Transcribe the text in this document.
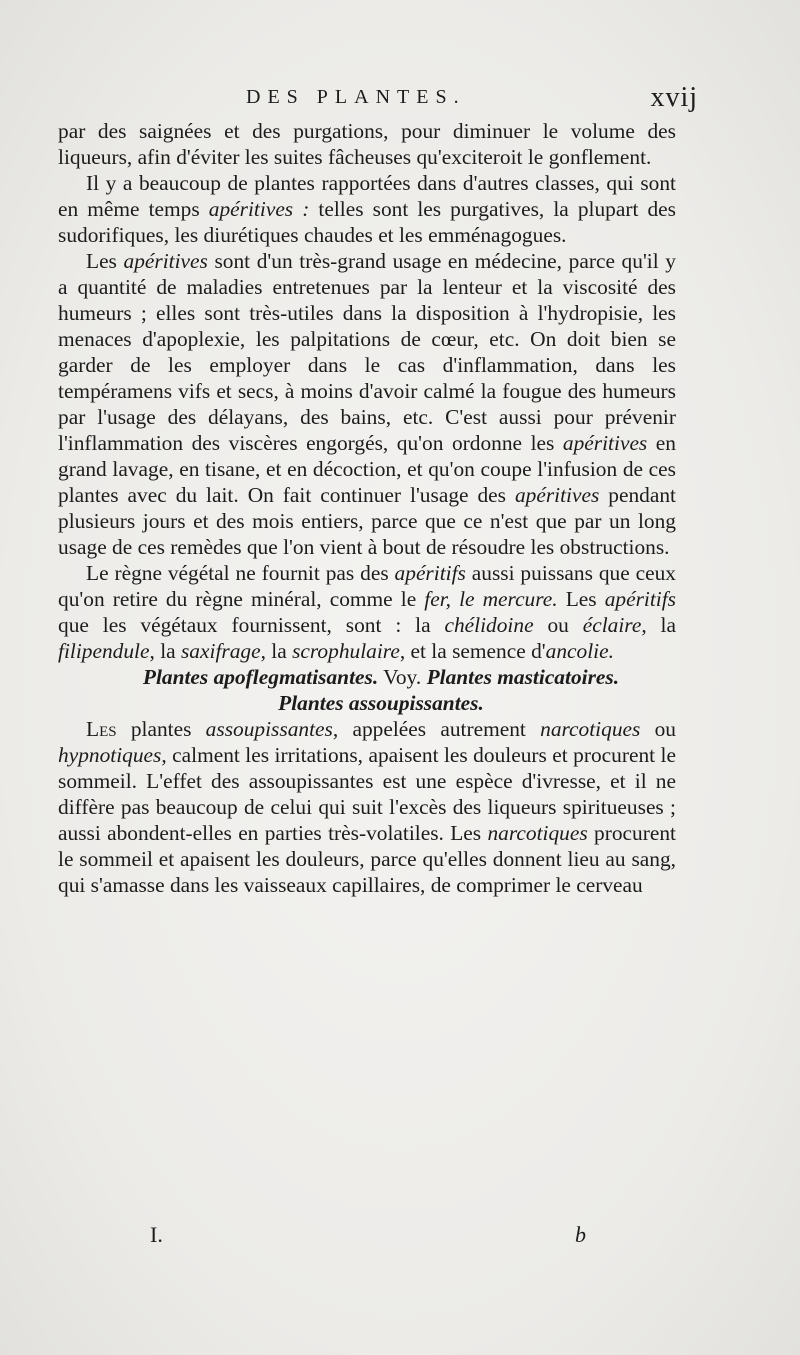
DES PLANTES.	xvij

par des saignées et des purgations, pour diminuer le volume des liqueurs, afin d'éviter les suites fâcheuses qu'exciteroit le gonflement.

Il y a beaucoup de plantes rapportées dans d'autres classes, qui sont en même temps apéritives : telles sont les purgatives, la plupart des sudorifiques, les diurétiques chaudes et les emménagogues.

Les apéritives sont d'un très-grand usage en médecine, parce qu'il y a quantité de maladies entretenues par la lenteur et la viscosité des humeurs ; elles sont très-utiles dans la disposition à l'hydropisie, les menaces d'apoplexie, les palpitations de cœur, etc. On doit bien se garder de les employer dans le cas d'inflammation, dans les tempéramens vifs et secs, à moins d'avoir calmé la fougue des humeurs par l'usage des délayans, des bains, etc. C'est aussi pour prévenir l'inflammation des viscères engorgés, qu'on ordonne les apéritives en grand lavage, en tisane, et en décoction, et qu'on coupe l'infusion de ces plantes avec du lait. On fait continuer l'usage des apéritives pendant plusieurs jours et des mois entiers, parce que ce n'est que par un long usage de ces remèdes que l'on vient à bout de résoudre les obstructions.

Le règne végétal ne fournit pas des apéritifs aussi puissans que ceux qu'on retire du règne minéral, comme le fer, le mercure. Les apéritifs que les végétaux fournissent, sont : la chélidoine ou éclaire, la filipendule, la saxifrage, la scrophulaire, et la semence d'ancolie.

Plantes apoflegmatisantes. Voy. Plantes masticatoires.

Plantes assoupissantes.

Les plantes assoupissantes, appelées autrement narcotiques ou hypnotiques, calment les irritations, apaisent les douleurs et procurent le sommeil. L'effet des assoupissantes est une espèce d'ivresse, et il ne diffère pas beaucoup de celui qui suit l'excès des liqueurs spiritueuses ; aussi abondent-elles en parties très-volatiles. Les narcotiques procurent le sommeil et apaisent les douleurs, parce qu'elles donnent lieu au sang, qui s'amasse dans les vaisseaux capillaires, de comprimer le cerveau

I.	b
